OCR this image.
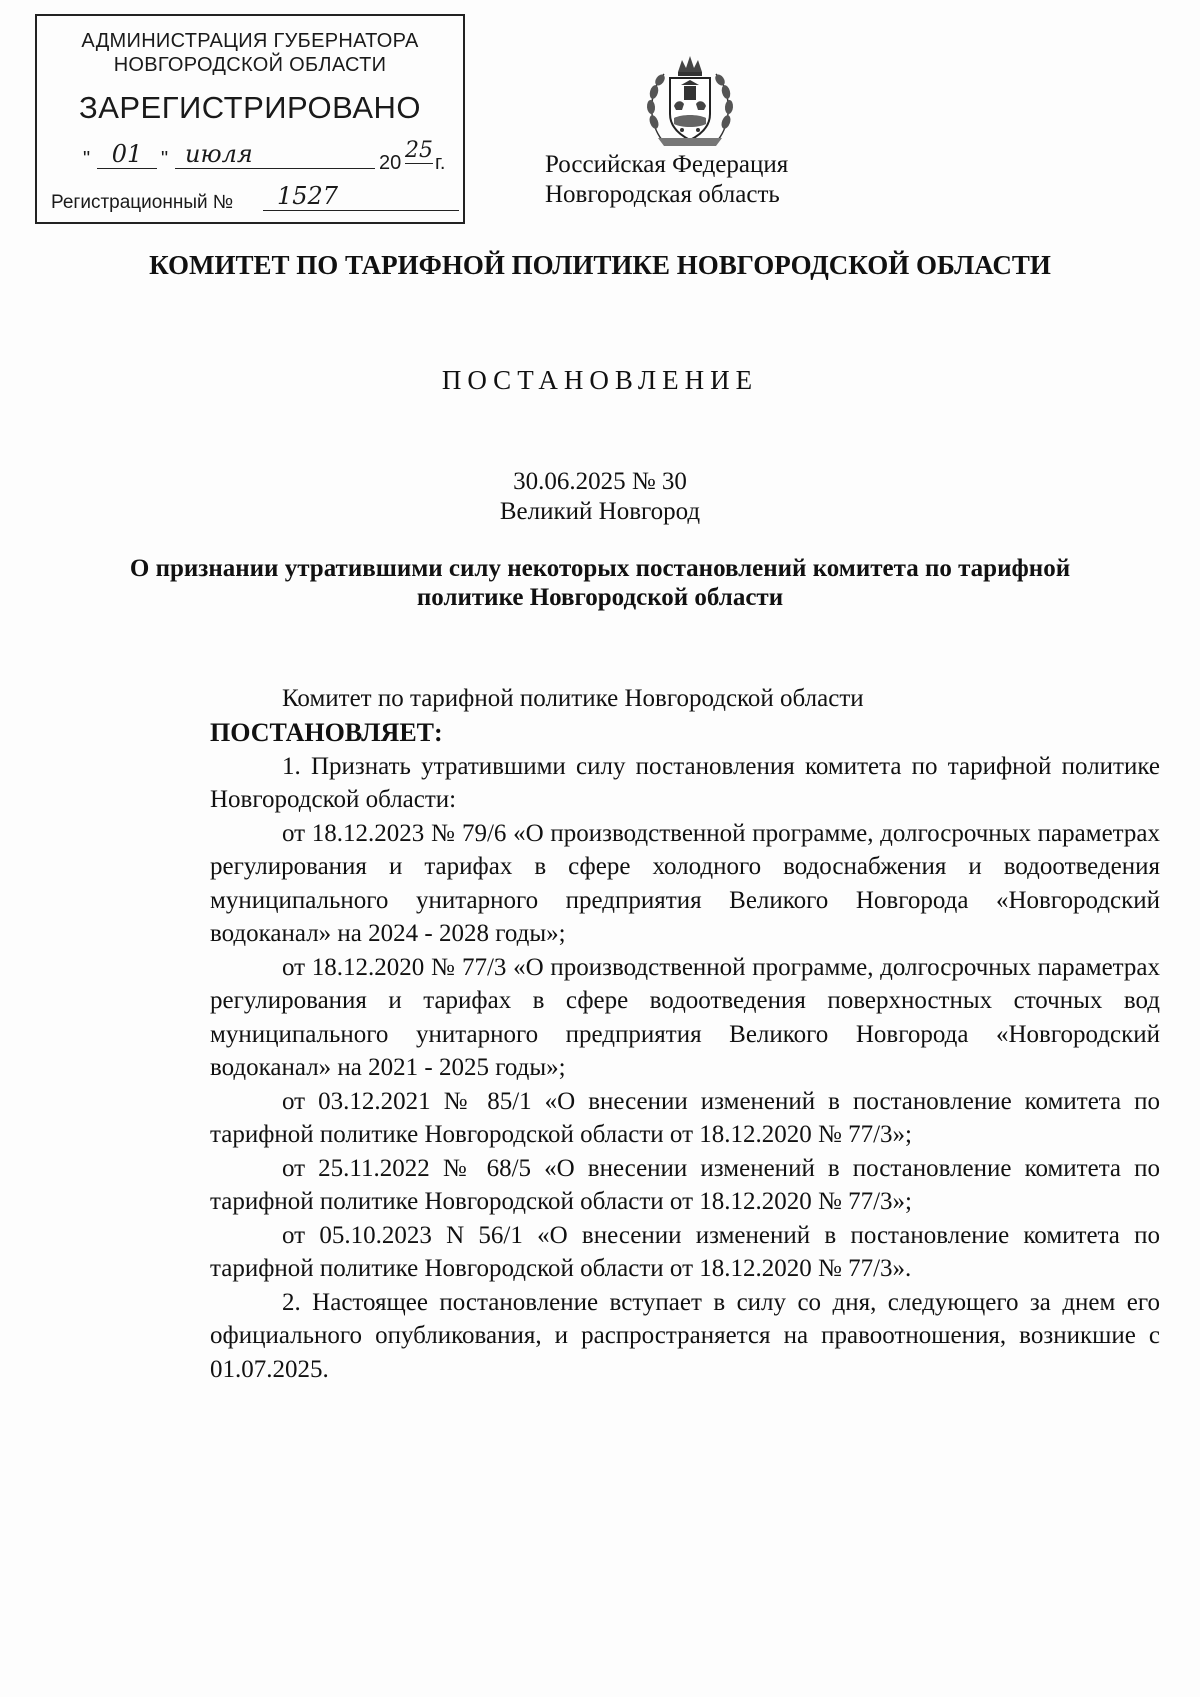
АДМИНИСТРАЦИЯ ГУБЕРНАТОРА
НОВГОРОДСКОЙ ОБЛАСТИ
ЗАРЕГИСТРИРОВАНО
" 01 " июля	20 25 г.
Регистрационный №	1527
Российская Федерация
Новгородская область
КОМИТЕТ ПО ТАРИФНОЙ ПОЛИТИКЕ НОВГОРОДСКОЙ ОБЛАСТИ
ПОСТАНОВЛЕНИЕ
30.06.2025 № 30
Великий Новгород
О признании утратившими силу некоторых постановлений комитета по тарифной политике Новгородской области

Комитет по тарифной политике Новгородской области

ПОСТАНОВЛЯЕТ:

1. Признать утратившими силу постановления комитета по тарифной политике Новгородской области:

от 18.12.2023 № 79/6 «О производственной программе, долгосрочных параметрах регулирования и тарифах в сфере холодного водоснабжения и водоотведения муниципального унитарного предприятия Великого Новгорода «Новгородский водоканал» на 2024 - 2028 годы»;

от 18.12.2020 № 77/3 «О производственной программе, долгосрочных параметрах регулирования и тарифах в сфере водоотведения поверхностных сточных вод муниципального унитарного предприятия Великого Новгорода «Новгородский водоканал» на 2021 - 2025 годы»;

от 03.12.2021 № 85/1 «О внесении изменений в постановление комитета по тарифной политике Новгородской области от 18.12.2020 № 77/3»;

от 25.11.2022 № 68/5 «О внесении изменений в постановление комитета по тарифной политике Новгородской области от 18.12.2020 № 77/3»;

от 05.10.2023 N 56/1 «О внесении изменений в постановление комитета по тарифной политике Новгородской области от 18.12.2020 № 77/3».

2. Настоящее постановление вступает в силу со дня, следующего за днем его официального опубликования, и распространяется на правоотношения, возникшие с 01.07.2025.
